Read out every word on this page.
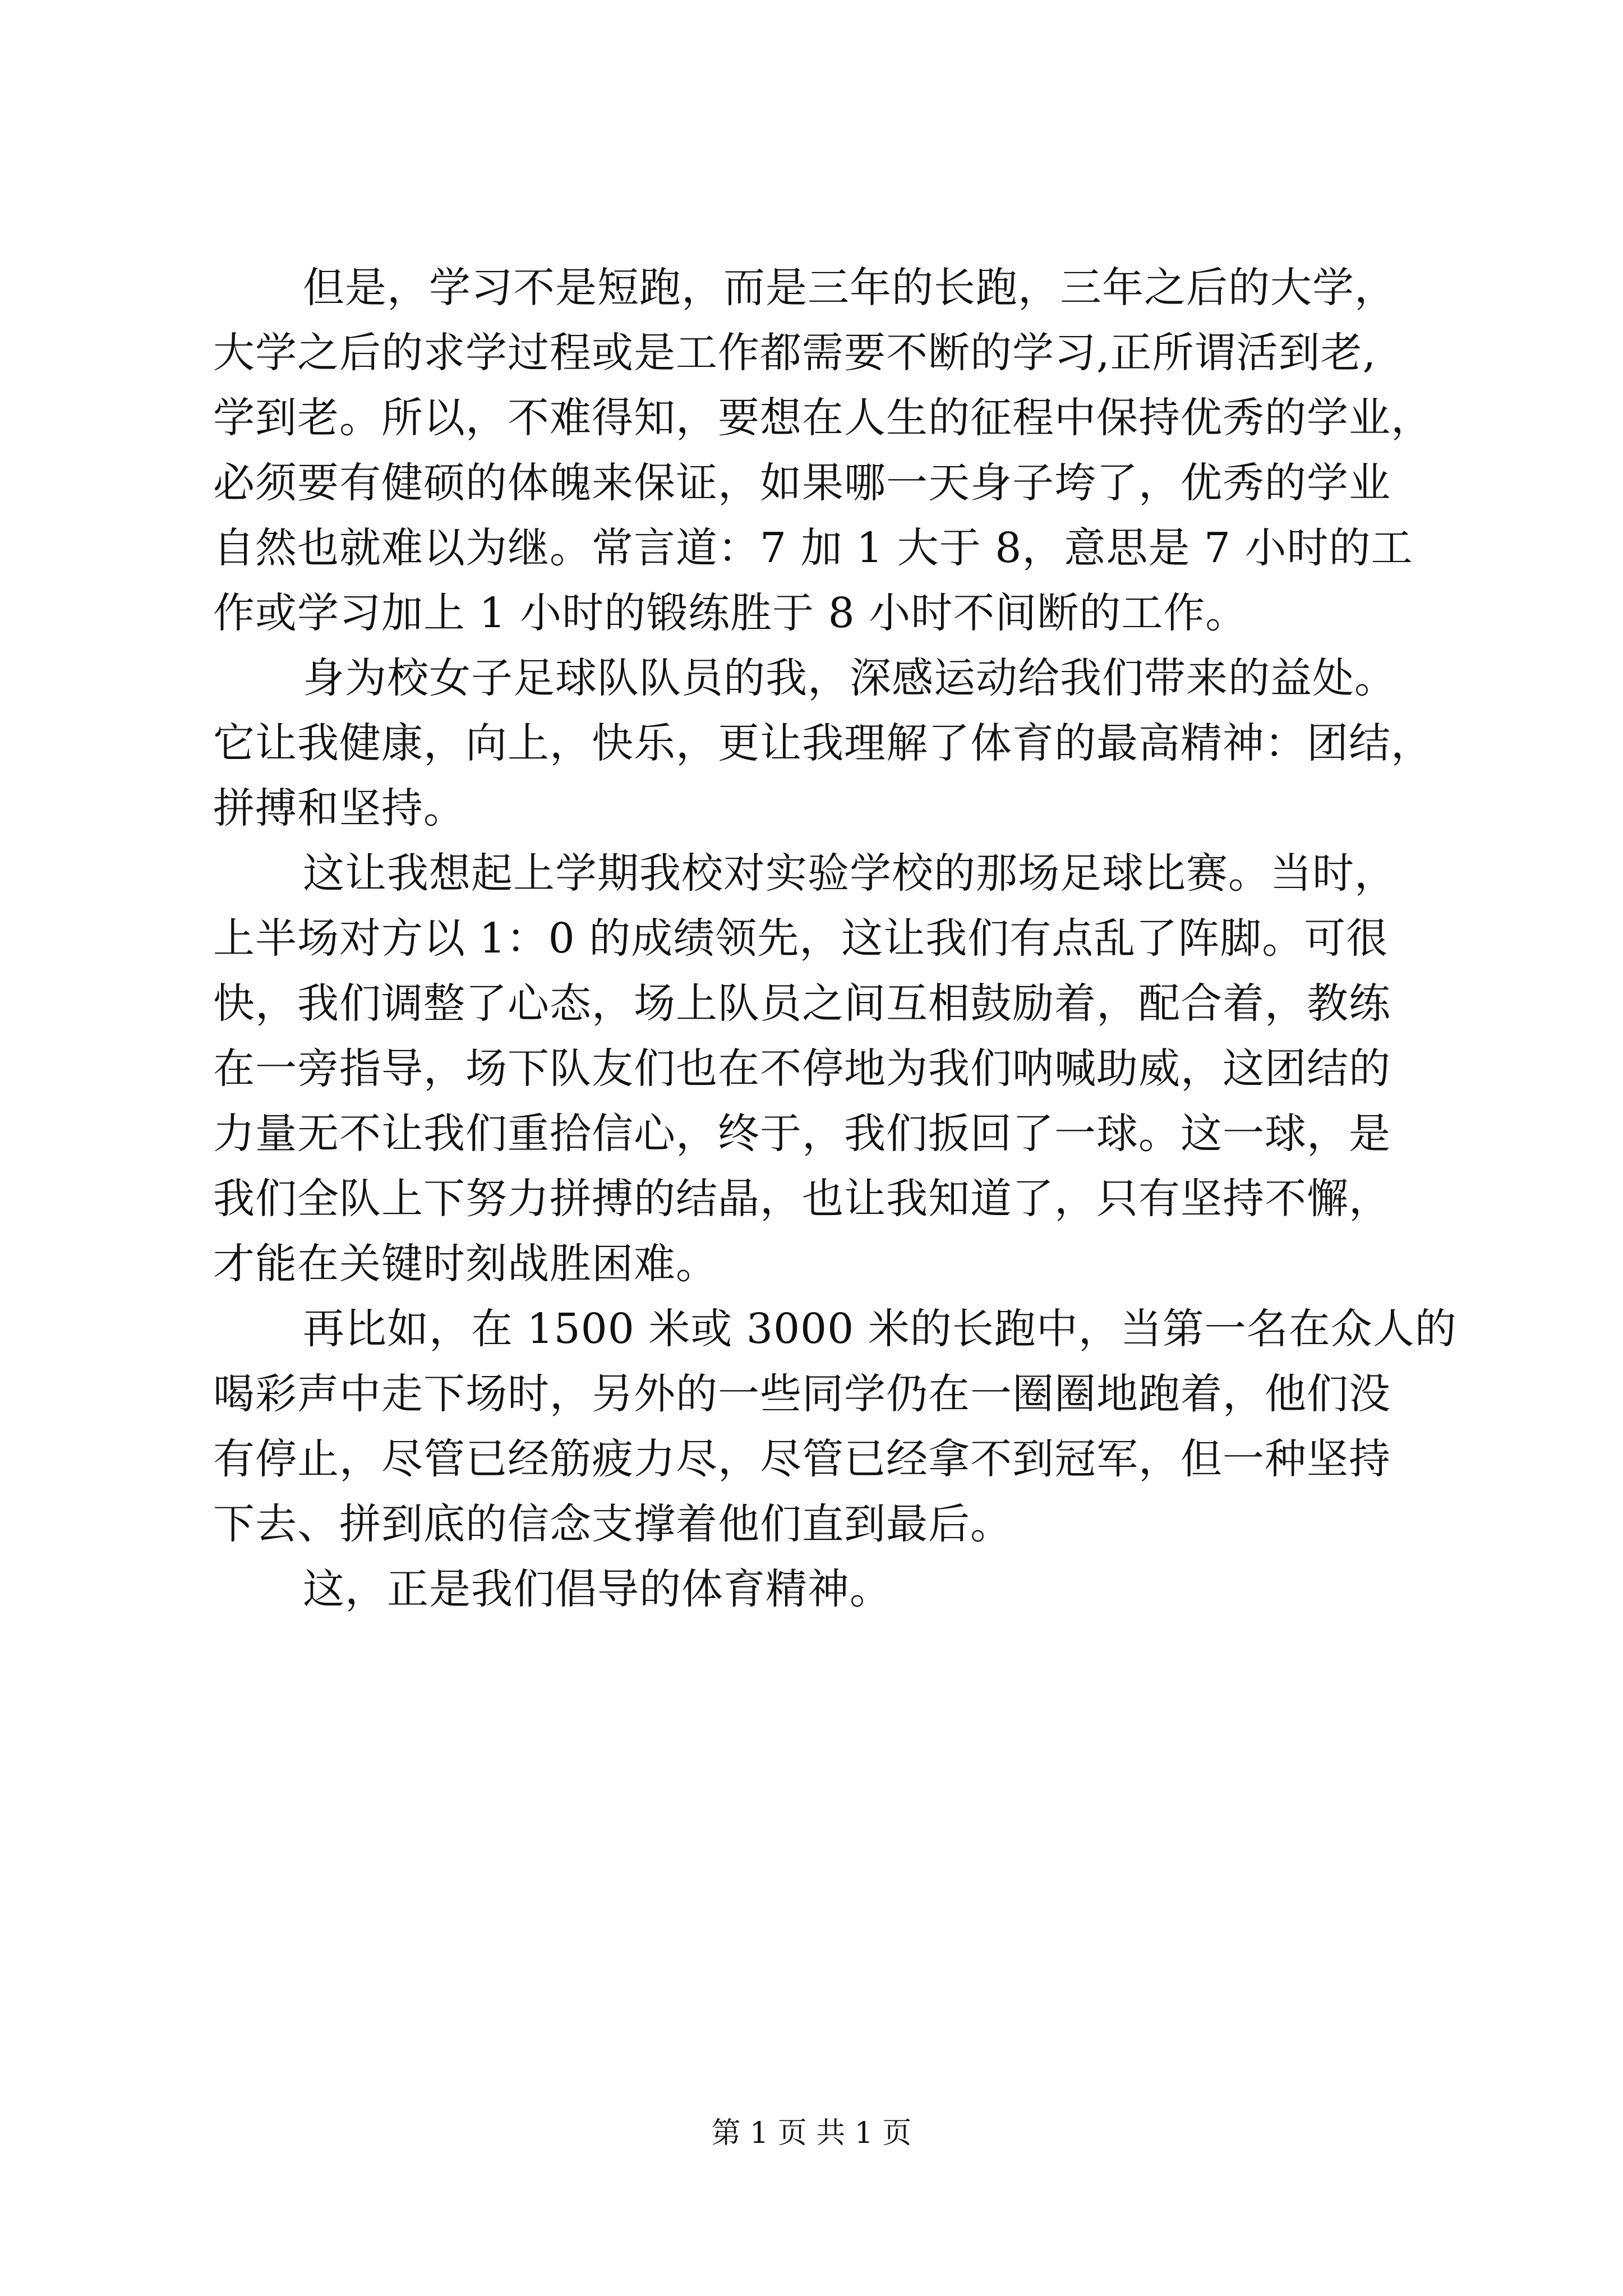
但是，学习不是短跑，而是三年的长跑，三年之后的大学，
大学之后的求学过程或是工作都需要不断的学习,正所谓活到老,
学到老。所以，不难得知，要想在人生的征程中保持优秀的学业，
必须要有健硕的体魄来保证，如果哪一天身子垮了，优秀的学业
自然也就难以为继。常言道：7 加 1 大于 8，意思是 7 小时的工
作或学习加上 1 小时的锻练胜于 8 小时不间断的工作。
身为校女子足球队队员的我，深感运动给我们带来的益处。
它让我健康，向上，快乐，更让我理解了体育的最高精神：团结，
拼搏和坚持。
这让我想起上学期我校对实验学校的那场足球比赛。当时，
上半场对方以 1：0 的成绩领先，这让我们有点乱了阵脚。可很
快，我们调整了心态，场上队员之间互相鼓励着，配合着，教练
在一旁指导，场下队友们也在不停地为我们呐喊助威，这团结的
力量无不让我们重拾信心，终于，我们扳回了一球。这一球，是
我们全队上下努力拼搏的结晶，也让我知道了，只有坚持不懈，
才能在关键时刻战胜困难。
再比如，在 1500 米或 3000 米的长跑中，当第一名在众人的
喝彩声中走下场时，另外的一些同学仍在一圈圈地跑着，他们没
有停止，尽管已经筋疲力尽，尽管已经拿不到冠军，但一种坚持
下去、拼到底的信念支撑着他们直到最后。
这，正是我们倡导的体育精神。
第 1 页 共 1 页
